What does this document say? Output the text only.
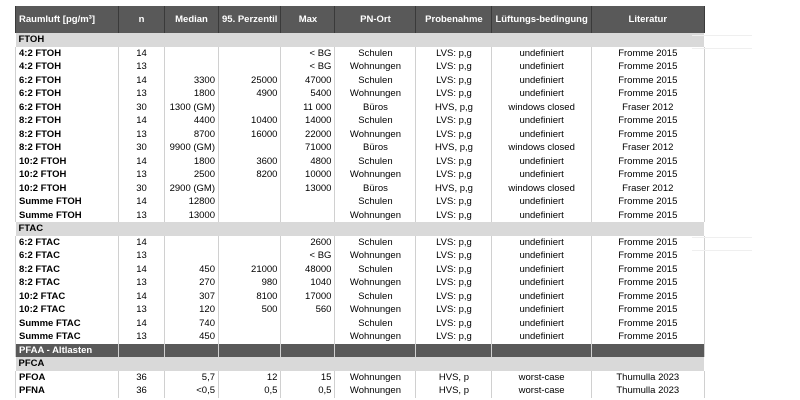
Raumluft [pg/m³]	n	Median	95. Perzentil	Max	PN-Ort	Probenahme	Lüftungs-bedingung	Literatur
FTOH								
4:2 FTOH	14			< BG	Schulen	LVS: p,g	undefiniert	Fromme 2015
4:2 FTOH	13			< BG	Wohnungen	LVS: p,g	undefiniert	Fromme 2015
6:2 FTOH	14	3300	25000	47000	Schulen	LVS: p,g	undefiniert	Fromme 2015
6:2 FTOH	13	1800	4900	5400	Wohnungen	LVS: p,g	undefiniert	Fromme 2015
6:2 FTOH	30	1300 (GM)		11 000	Büros	HVS, p,g	windows closed	Fraser 2012
8:2 FTOH	14	4400	10400	14000	Schulen	LVS: p,g	undefiniert	Fromme 2015
8:2 FTOH	13	8700	16000	22000	Wohnungen	LVS: p,g	undefiniert	Fromme 2015
8:2 FTOH	30	9900 (GM)		71000	Büros	HVS, p,g	windows closed	Fraser 2012
10:2 FTOH	14	1800	3600	4800	Schulen	LVS: p,g	undefiniert	Fromme 2015
10:2 FTOH	13	2500	8200	10000	Wohnungen	LVS: p,g	undefiniert	Fromme 2015
10:2 FTOH	30	2900 (GM)		13000	Büros	HVS, p,g	windows closed	Fraser 2012
Summe FTOH	14	12800			Schulen	LVS: p,g	undefiniert	Fromme 2015
Summe FTOH	13	13000			Wohnungen	LVS: p,g	undefiniert	Fromme 2015
FTAC								
6:2 FTAC	14			2600	Schulen	LVS: p,g	undefiniert	Fromme 2015
6:2 FTAC	13			< BG	Wohnungen	LVS: p,g	undefiniert	Fromme 2015
8:2 FTAC	14	450	21000	48000	Schulen	LVS: p,g	undefiniert	Fromme 2015
8:2 FTAC	13	270	980	1040	Wohnungen	LVS: p,g	undefiniert	Fromme 2015
10:2 FTAC	14	307	8100	17000	Schulen	LVS: p,g	undefiniert	Fromme 2015
10:2 FTAC	13	120	500	560	Wohnungen	LVS: p,g	undefiniert	Fromme 2015
Summe FTAC	14	740			Schulen	LVS: p,g	undefiniert	Fromme 2015
Summe FTAC	13	450			Wohnungen	LVS: p,g	undefiniert	Fromme 2015
PFAA - Altlasten								
PFCA								
PFOA	36	5,7	12	15	Wohnungen	HVS, p	worst-case	Thumulla 2023
PFNA	36	<0,5	0,5	0,5	Wohnungen	HVS, p	worst-case	Thumulla 2023
